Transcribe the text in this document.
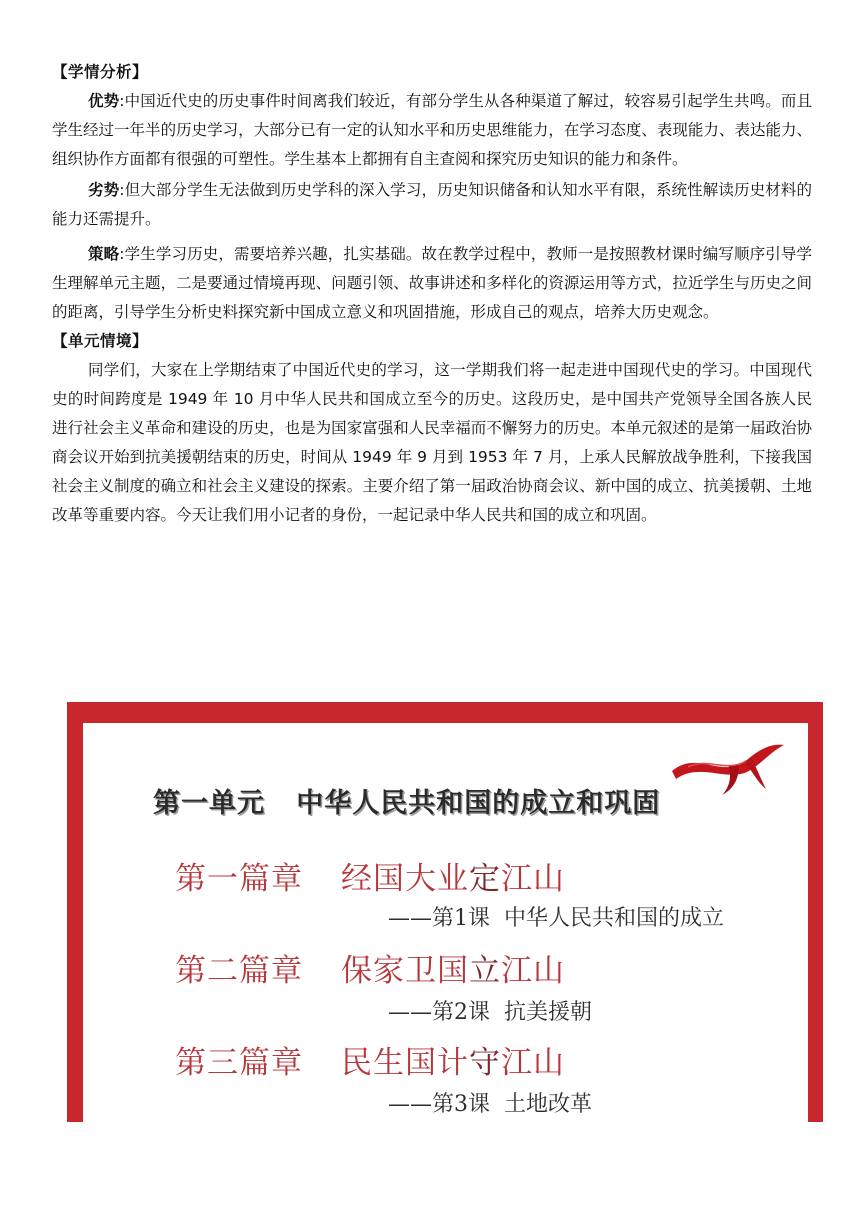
【学情分析】

优势:中国近代史的历史事件时间离我们较近，有部分学生从各种渠道了解过，较容易引起学生共鸣。而且学生经过一年半的历史学习，大部分已有一定的认知水平和历史思维能力，在学习态度、表现能力、表达能力、组织协作方面都有很强的可塑性。学生基本上都拥有自主查阅和探究历史知识的能力和条件。

劣势:但大部分学生无法做到历史学科的深入学习，历史知识储备和认知水平有限，系统性解读历史材料的能力还需提升。

策略:学生学习历史，需要培养兴趣，扎实基础。故在教学过程中，教师一是按照教材课时编写顺序引导学生理解单元主题，二是要通过情境再现、问题引领、故事讲述和多样化的资源运用等方式，拉近学生与历史之间的距离，引导学生分析史料探究新中国成立意义和巩固措施，形成自己的观点，培养大历史观念。

【单元情境】

同学们，大家在上学期结束了中国近代史的学习，这一学期我们将一起走进中国现代史的学习。中国现代史的时间跨度是 1949 年 10 月中华人民共和国成立至今的历史。这段历史，是中国共产党领导全国各族人民进行社会主义革命和建设的历史，也是为国家富强和人民幸福而不懈努力的历史。本单元叙述的是第一届政治协商会议开始到抗美援朝结束的历史，时间从 1949 年 9 月到 1953 年 7 月，上承人民解放战争胜利，下接我国社会主义制度的确立和社会主义建设的探索。主要介绍了第一届政治协商会议、新中国的成立、抗美援朝、土地改革等重要内容。今天让我们用小记者的身份，一起记录中华人民共和国的成立和巩固。

第一单元   中华人民共和国的成立和巩固
第一篇章 经国大业定江山
——第1课  中华人民共和国的成立
第二篇章 保家卫国立江山
——第2课  抗美援朝
第三篇章 民生国计守江山
——第3课  土地改革
